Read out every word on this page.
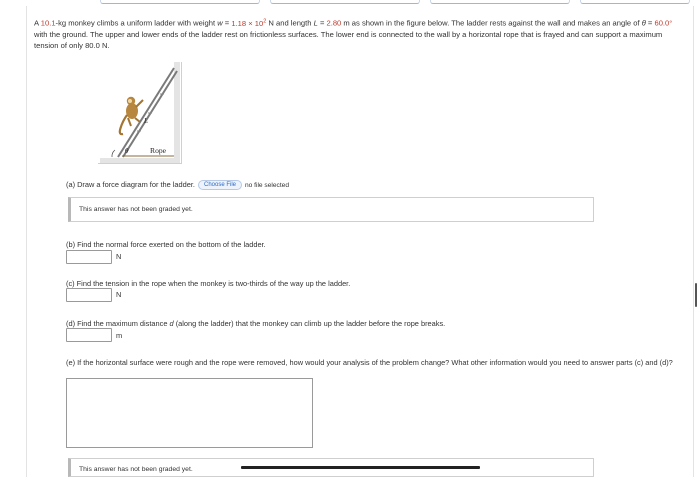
A 10.1-kg monkey climbs a uniform ladder with weight $w = 1.18 \times 10^2$ N and length L = 2.80 m as shown in the figure below. The ladder rests against the wall and makes an angle of θ = 60.0° with the ground. The upper and lower ends of the ladder rest on frictionless surfaces. The lower end is connected to the wall by a horizontal rope that is frayed and can support a maximum tension of only 80.0 N.
L
θ	Rope
(a) Draw a force diagram for the ladder. Choose File no file selected
This answer has not been graded yet.
(b) Find the normal force exerted on the bottom of the ladder.
N
(c) Find the tension in the rope when the monkey is two-thirds of the way up the ladder.
N
(d) Find the maximum distance d (along the ladder) that the monkey can climb up the ladder before the rope breaks.
m
(e) If the horizontal surface were rough and the rope were removed, how would your analysis of the problem change? What other information would you need to answer parts (c) and (d)?
This answer has not been graded yet.
